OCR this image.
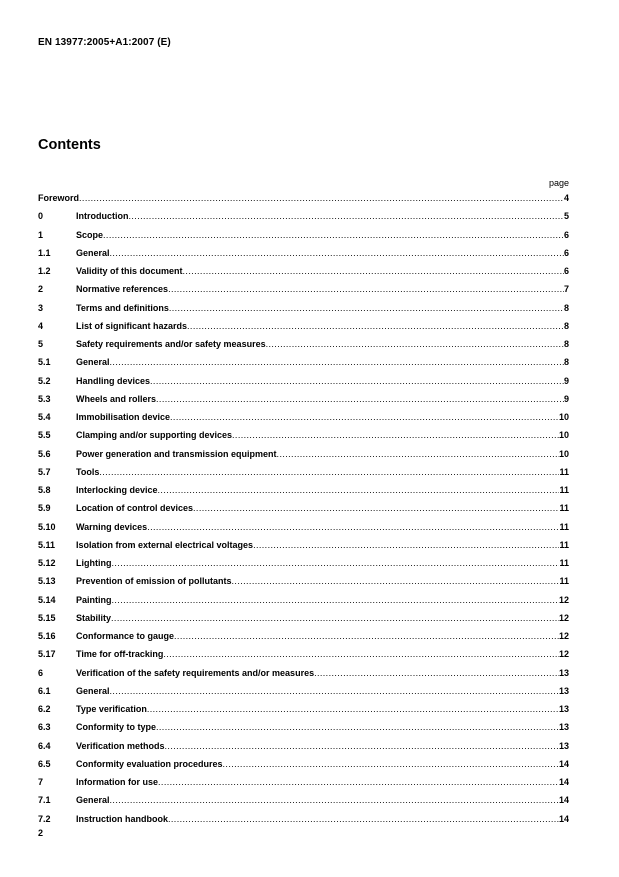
EN 13977:2005+A1:2007 (E)
Contents
page
Foreword .....	4
0	Introduction .....	5
1	Scope .....	6
1.1	General .....	6
1.2	Validity of this document .....	6
2	Normative references .....	7
3	Terms and definitions .....	8
4	List of significant hazards .....	8
5	Safety requirements and/or safety measures .....	8
5.1	General .....	8
5.2	Handling devices .....	9
5.3	Wheels and rollers .....	9
5.4	Immobilisation device .....	10
5.5	Clamping and/or supporting devices .....	10
5.6	Power generation and transmission equipment .....	10
5.7	Tools .....	11
5.8	Interlocking device .....	11
5.9	Location of control devices .....	11
5.10	Warning devices .....	11
5.11	Isolation from external electrical voltages .....	11
5.12	Lighting .....	11
5.13	Prevention of emission of pollutants .....	11
5.14	Painting .....	12
5.15	Stability .....	12
5.16	Conformance to gauge .....	12
5.17	Time for off-tracking .....	12
6	Verification of the safety requirements and/or measures .....	13
6.1	General .....	13
6.2	Type verification .....	13
6.3	Conformity to type .....	13
6.4	Verification methods .....	13
6.5	Conformity evaluation procedures .....	14
7	Information for use .....	14
7.1	General .....	14
7.2	Instruction handbook .....	14
2
